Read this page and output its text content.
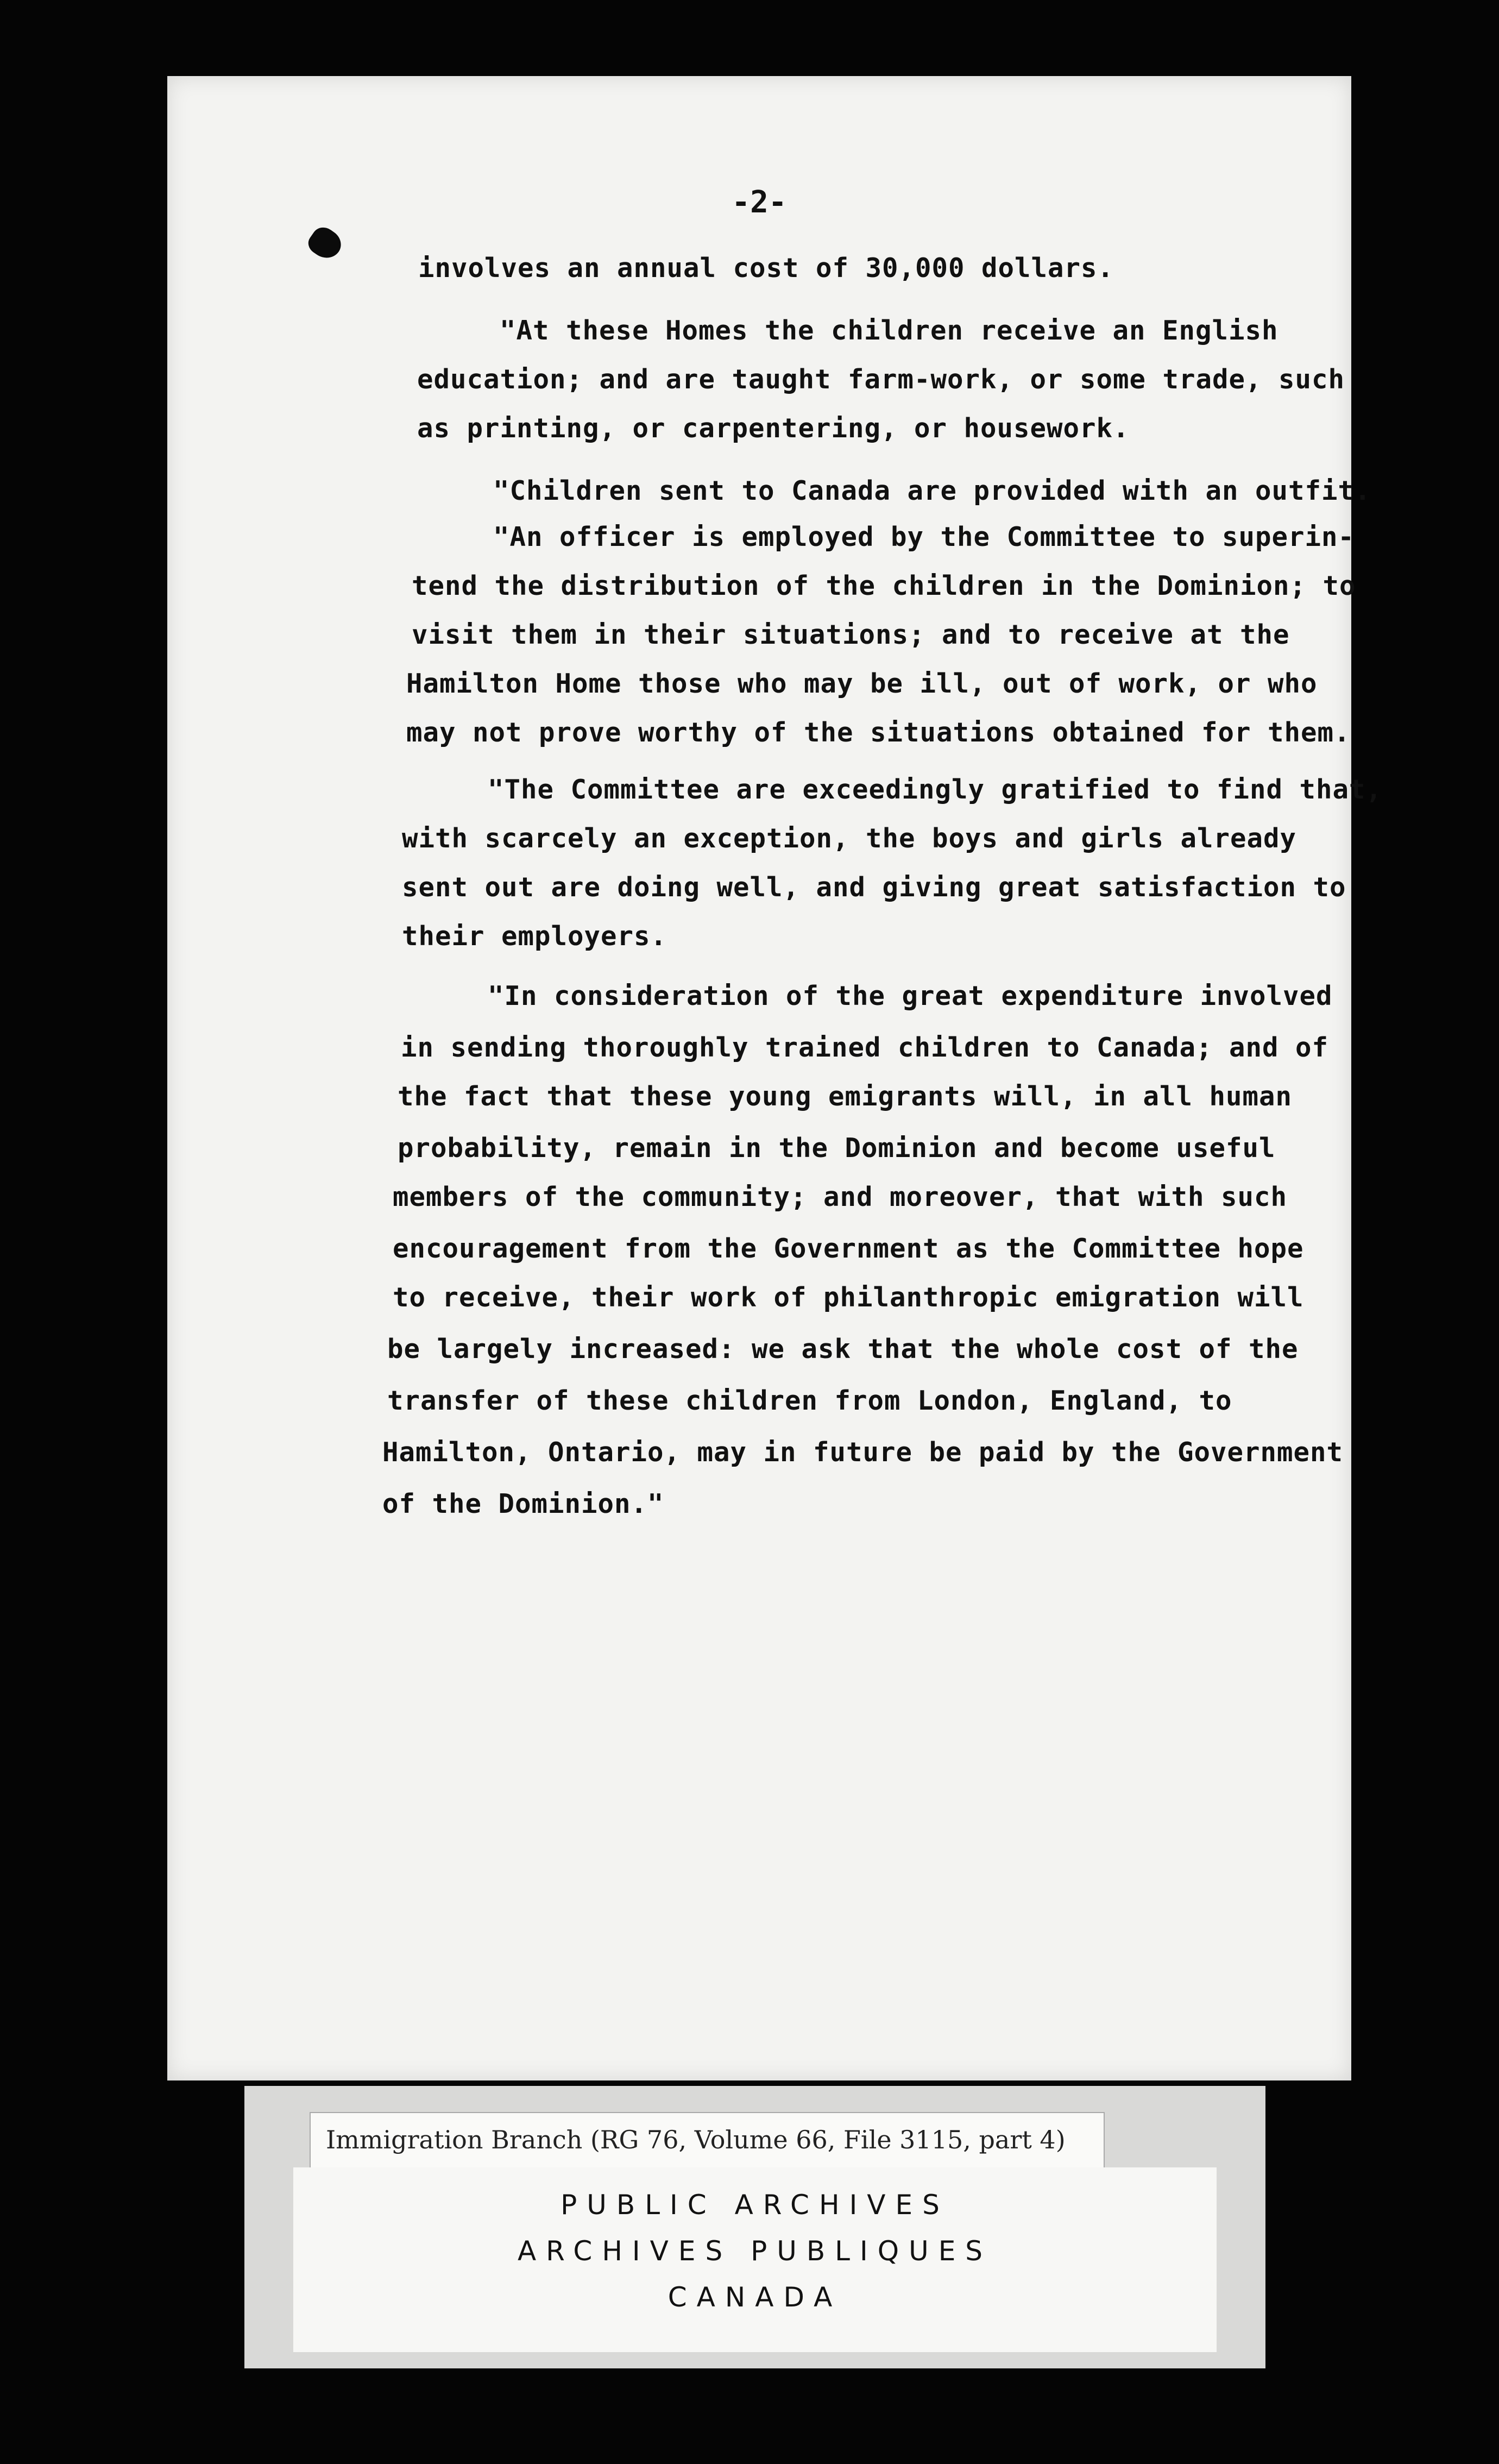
-2-
involves an annual cost of 30,000 dollars.
"At these Homes the children receive an English
education; and are taught farm-work, or some trade, such
as printing, or carpentering, or housework.
"Children sent to Canada are provided with an outfit.
"An officer is employed by the Committee to superin-
tend the distribution of the children in the Dominion; to
visit them in their situations; and to receive at the
Hamilton Home those who may be ill, out of work, or who
may not prove worthy of the situations obtained for them.
"The Committee are exceedingly gratified to find that,
with scarcely an exception, the boys and girls already
sent out are doing well, and giving great satisfaction to
their employers.
"In consideration of the great expenditure involved
in sending thoroughly trained children to Canada; and of
the fact that these young emigrants will, in all human
probability, remain in the Dominion and become useful
members of the community; and moreover, that with such
encouragement from the Government as the Committee hope
to receive, their work of philanthropic emigration will
be largely increased: we ask that the whole cost of the
transfer of these children from London, England, to
Hamilton, Ontario, may in future be paid by the Government
of the Dominion."
Immigration Branch (RG 76, Volume 66, File 3115, part 4)
PUBLIC ARCHIVES
ARCHIVES PUBLIQUES
CANADA
